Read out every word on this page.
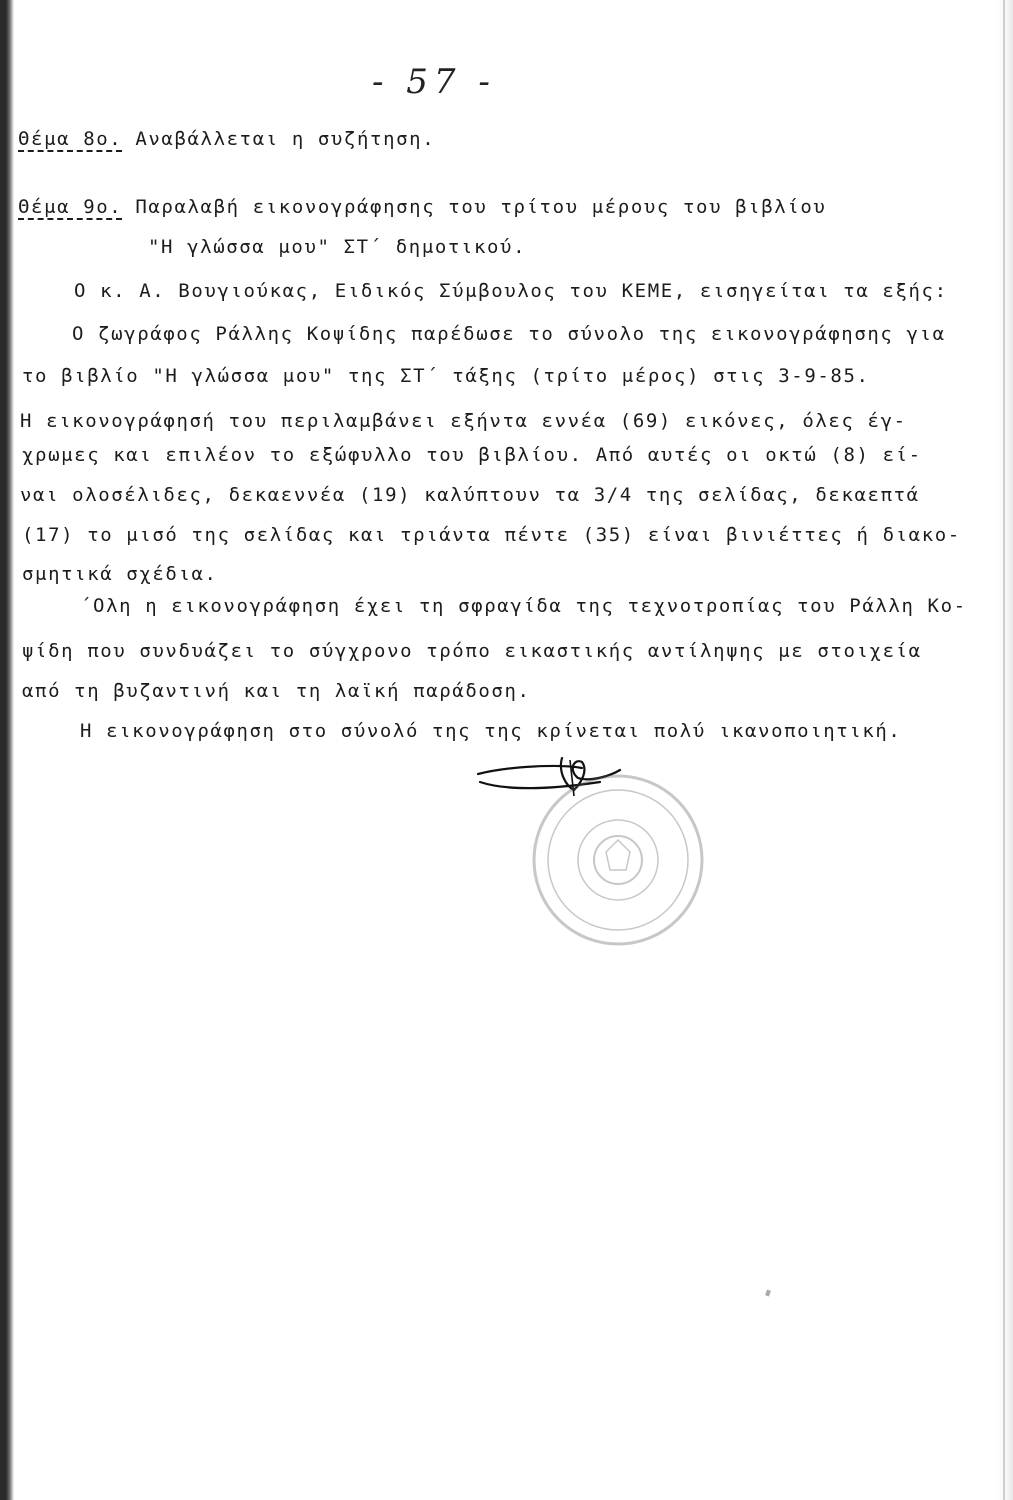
- 57 -
Θέμα 8ο. Αναβάλλεται η συζήτηση.
Θέμα 9ο. Παραλαβή εικονογράφησης του τρίτου μέρους του βιβλίου
"Η γλώσσα μου" ΣΤ΄ δημοτικού.
Ο κ. Α. Βουγιούκας, Ειδικός Σύμβουλος του ΚΕΜΕ, εισηγείται τα εξής:
Ο ζωγράφος Ράλλης Κοψίδης παρέδωσε το σύνολο της εικονογράφησης για
το βιβλίο "Η γλώσσα μου" της ΣΤ΄ τάξης (τρίτο μέρος) στις 3-9-85.
Η εικονογράφησή του περιλαμβάνει εξήντα εννέα (69) εικόνες, όλες έγ-
χρωμες και επιλέον το εξώφυλλο του βιβλίου. Από αυτές οι οκτώ (8) εί-
ναι ολοσέλιδες, δεκαεννέα (19) καλύπτουν τα 3/4 της σελίδας, δεκαεπτά
(17) το μισό της σελίδας και τριάντα πέντε (35) είναι βινιέττες ή διακο-
σμητικά σχέδια.
΄Ολη η εικονογράφηση έχει τη σφραγίδα της τεχνοτροπίας του Ράλλη Κο-
ψίδη που συνδυάζει το σύγχρονο τρόπο εικαστικής αντίληψης με στοιχεία
από τη βυζαντινή και τη λαϊκή παράδοση.
Η εικονογράφηση στο σύνολό της της κρίνεται πολύ ικανοποιητική.
